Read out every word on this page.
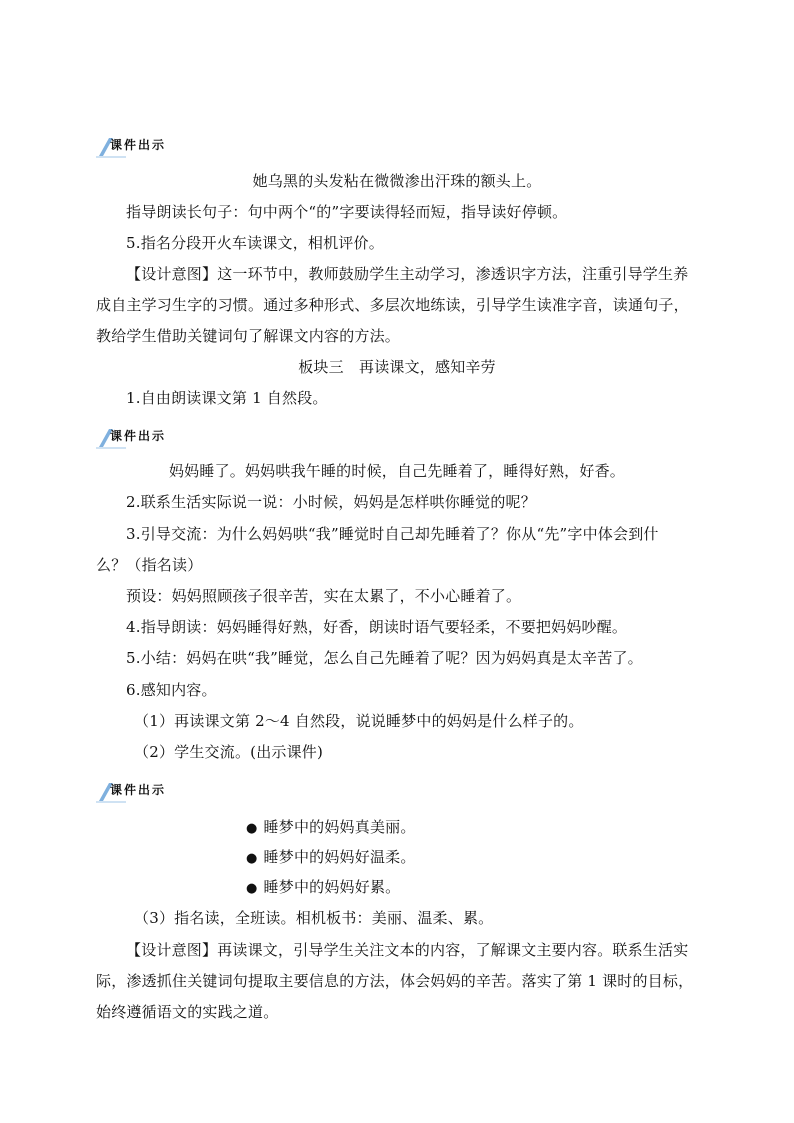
课件出示
她乌黑的头发粘在微微渗出汗珠的额头上。
指导朗读长句子：句中两个“的”字要读得轻而短，指导读好停顿。
5.指名分段开火车读课文，相机评价。
【设计意图】这一环节中，教师鼓励学生主动学习，渗透识字方法，注重引导学生养
成自主学习生字的习惯。通过多种形式、多层次地练读，引导学生读准字音，读通句子，
教给学生借助关键词句了解课文内容的方法。
板块三　再读课文，感知辛劳
1.自由朗读课文第 1 自然段。
课件出示
妈妈睡了。妈妈哄我午睡的时候，自己先睡着了，睡得好熟，好香。
2.联系生活实际说一说：小时候，妈妈是怎样哄你睡觉的呢？
3.引导交流：为什么妈妈哄“我”睡觉时自己却先睡着了？你从“先”字中体会到什
么？（指名读）
预设：妈妈照顾孩子很辛苦，实在太累了，不小心睡着了。
4.指导朗读：妈妈睡得好熟，好香，朗读时语气要轻柔，不要把妈妈吵醒。
5.小结：妈妈在哄“我”睡觉，怎么自己先睡着了呢？因为妈妈真是太辛苦了。
6.感知内容。
（1）再读课文第 2～4 自然段，说说睡梦中的妈妈是什么样子的。
（2）学生交流。(出示课件)
课件出示
● 睡梦中的妈妈真美丽。
● 睡梦中的妈妈好温柔。
● 睡梦中的妈妈好累。
（3）指名读，全班读。相机板书：美丽、温柔、累。
【设计意图】再读课文，引导学生关注文本的内容，了解课文主要内容。联系生活实
际，渗透抓住关键词句提取主要信息的方法，体会妈妈的辛苦。落实了第 1 课时的目标，
始终遵循语文的实践之道。
